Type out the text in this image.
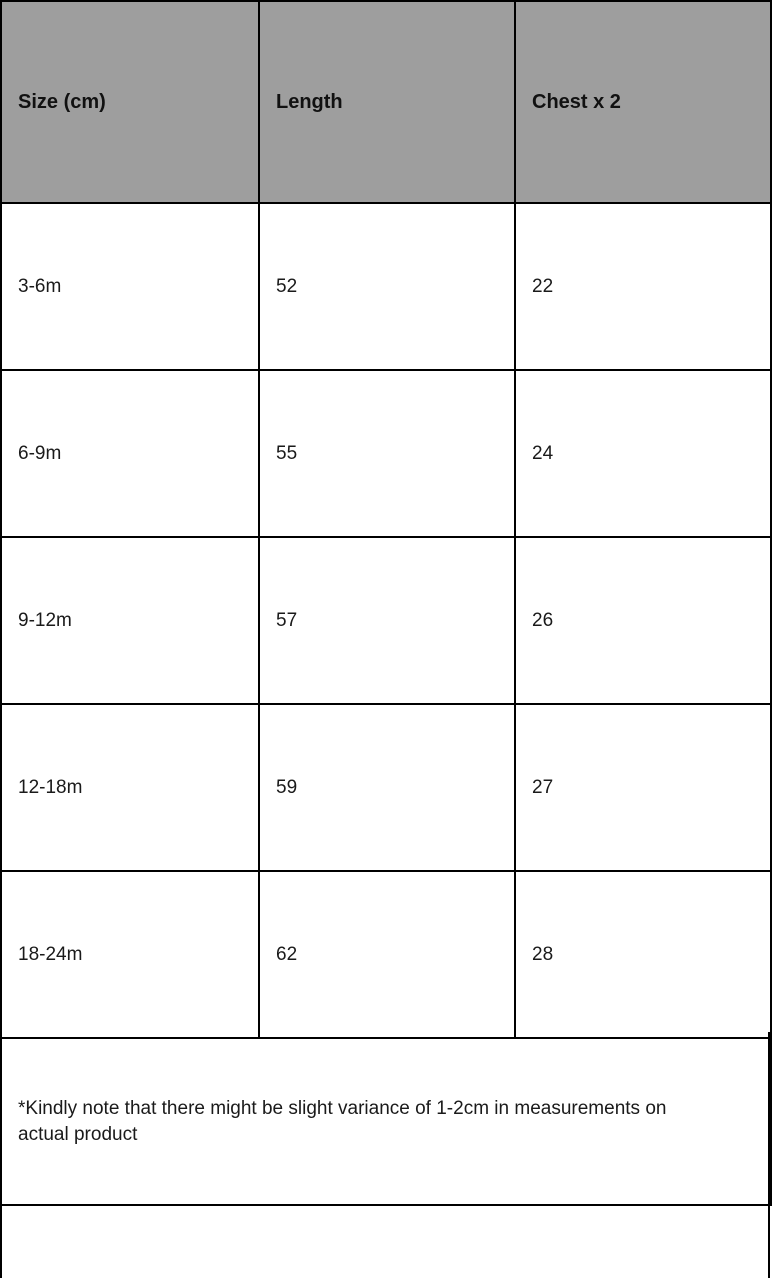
Size (cm)	Length	Chest x 2
3-6m	52	22
6-9m	55	24
9-12m	57	26
12-18m	59	27
18-24m	62	28

*Kindly note that there might be slight variance of 1-2cm in measurements on actual product		
